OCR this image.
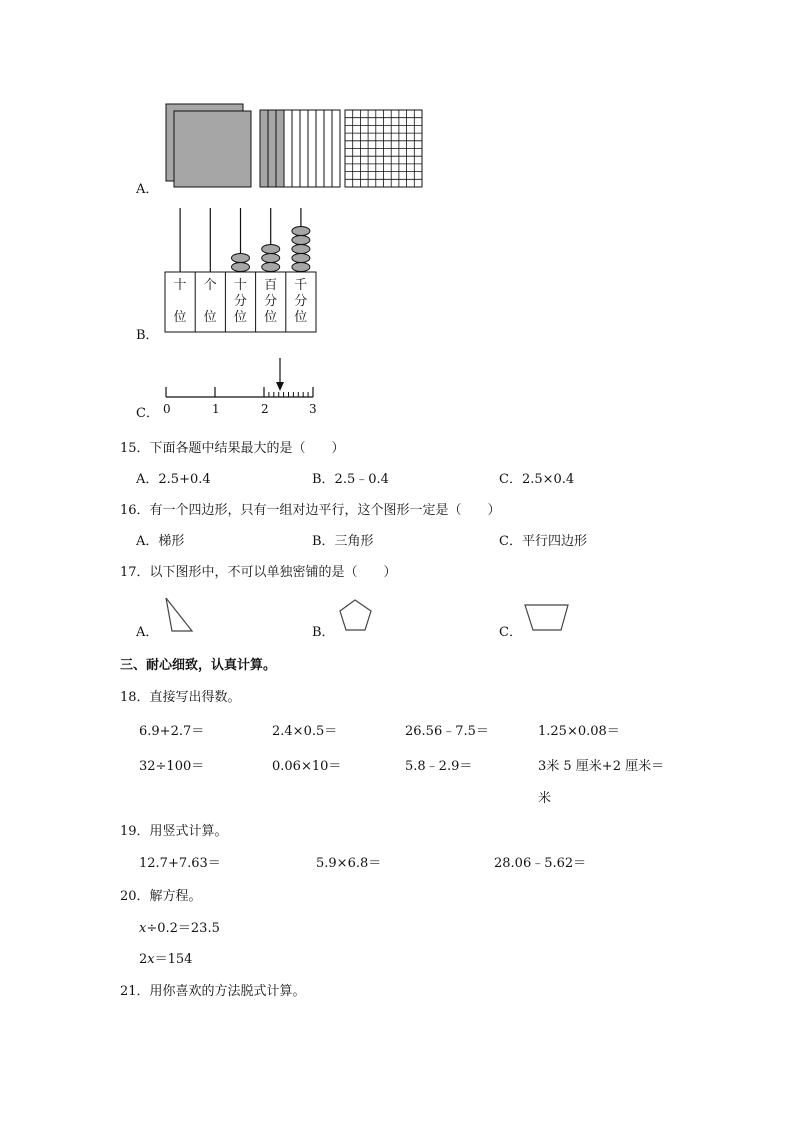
A．
B．
十
位
个
位
十
分
位
百
分
位
千
分
位
C． 0	1	2	3
15．下面各题中结果最大的是（　　）
A．2.5+0.4	B．2.5﹣0.4	C．2.5×0.4
16．有一个四边形，只有一组对边平行，这个图形一定是（　　）
A．梯形	B．三角形	C．平行四边形
17．以下图形中，不可以单独密铺的是（　　）
A．	B．	C．
三、耐心细致，认真计算。
18．直接写出得数。
6.9+2.7＝	2.4×0.5＝	26.56﹣7.5＝	1.25×0.08＝
32÷100＝	0.06×10＝	5.8﹣2.9＝	3米 5 厘米+2 厘米＝
米
19．用竖式计算。
12.7+7.63＝	5.9×6.8＝	28.06﹣5.62＝
20．解方程。
x÷0.2＝23.5
2x＝154
21．用你喜欢的方法脱式计算。
